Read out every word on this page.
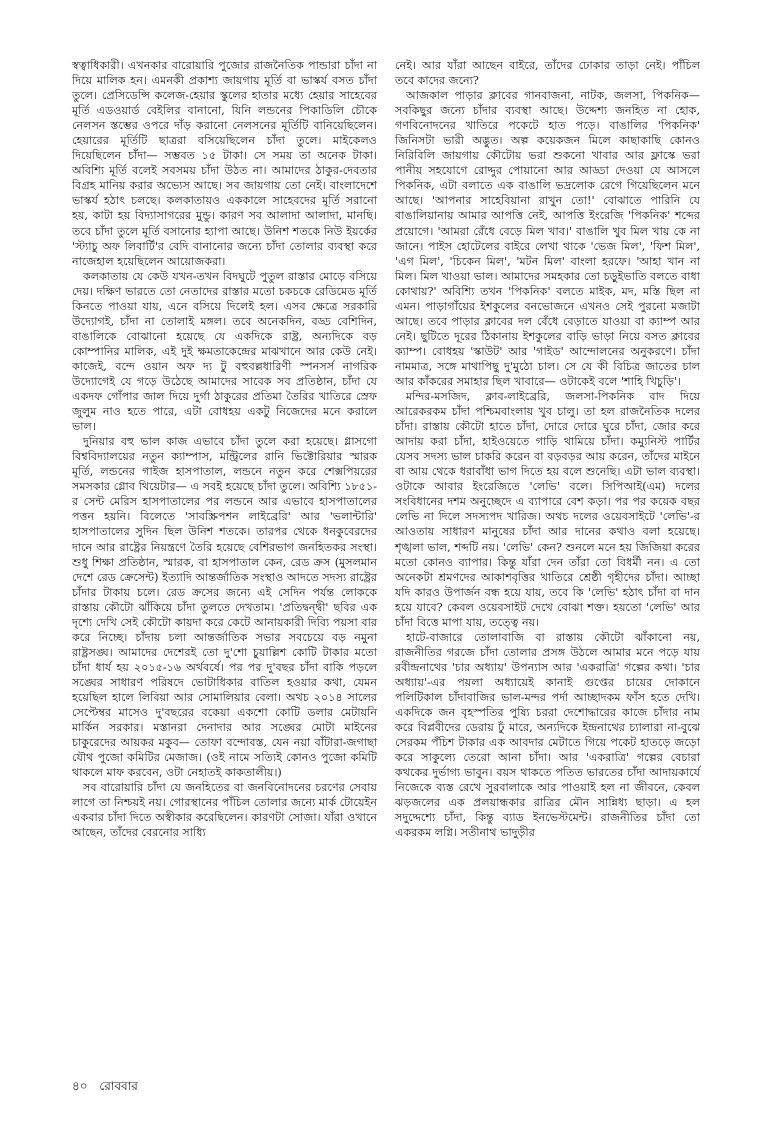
স্বত্বাধিকারী। এখনকার বারোয়ারি পুজোর রাজনৈতিক পান্ডারা চাঁদা না দিয়ে মালিক হন। এমনকী প্রকাশ্য জায়গায় মূর্তি বা ভাস্কর্য বসত চাঁদা তুলে। প্রেসিডেন্সি কলেজ-হেয়ার স্কুলের হাতার মধ্যে হেয়ার সাহেবের মূর্তি এডওয়ার্ড বেইলির বানানো, যিনি লন্ডনের পিকাডিলি চৌকে নেলসন স্তম্ভের ওপরে দাঁড় করানো নেলসনের মূর্তিটি বানিয়েছিলেন। হেয়ারের মূর্তিটি ছাত্ররা বসিয়েছিলেন চাঁদা তুলে। মাইকেলও দিয়েছিলেন চাঁদা— সম্ভবত ১৫ টাকা। সে সময় তা অনেক টাকা। অবিশ্যি মূর্তি বলেই সবসময় চাঁদা উঠত না। আমাদের ঠাকুর-দেবতার বিগ্রহ মানিয় করার অভ্যেস আছে। সব জায়গায় তো নেই। বাংলাদেশে ভাস্কর্য হঠাৎ চলছে। কলকাতায়ও এককালে সাহেবদের মূর্তি সরানো হয়, কাটা হয় বিদ্যাসাগরের মুন্ডু। কারণ সব আলাদা আলাদা, মানছি। তবে চাঁদা তুলে মূর্তি বসানোর হ্যাপা আছে। উনিশ শতকে নিউ ইয়র্কের 'স্ট্যাচু অফ লিবার্টি'র বেদি বানানোর জন্যে চাঁদা তোলার ব্যবস্থা করে নাজেহাল হয়েছিলেন আয়োজকরা।

কলকাতায় যে কেউ যখন-তখন বিদঘুটে পুতুল রাস্তার মোড়ে বসিয়ে দেয়। দক্ষিণ ভারতে তো নেতাদের রাস্তার মতো চকচকে রেডিমেড মূর্তি কিনতে পাওয়া যায়, এনে বসিয়ে দিলেই হল। এসব ক্ষেত্রে সরকারি উদ্যোগই, চাঁদা না তোলাই মঙ্গল। তবে অনেকদিন, বড্ড বেশিদিন, বাঙালিকে বোঝানো হয়েছে যে একদিকে রাষ্ট্র, অন্যদিকে বড় কোম্পানির মালিক, এই দুই ক্ষমতাকেন্দ্রের মাঝখানে আর কেউ নেই। কাজেই, বন্দে ওয়ান অফ দ্য টু বহুবল্লধারিণী স্পনসর্স নাগরিক উদ্যোগেই যে গড়ে উঠেছে আমাদের সাবেক সব প্রতিষ্ঠান, চাঁদা যে একদফ গোঁপার জাল দিয়ে দুর্গা ঠাকুরের প্রতিমা তৈরির খাতিরে স্রেফ জুলুম নাও হতে পারে, এটা বোধহয় একটু নিজেদের মনে করালে ভাল।

দুনিয়ার বহু ভাল কাজ এভাবে চাঁদা তুলে করা হয়েছে। গ্লাসগো বিশ্ববিদ্যালয়ের নতুন ক্যাম্পাস, মন্ট্রিলের রানি ভিক্টোরিয়ার স্মারক মূর্তি, লন্ডনের গাইজ হাসপাতাল, লন্ডনে নতুন করে শেক্সপিয়রের সমসকার গ্লোব থিয়েটার— এ সবই হয়েছে চাঁদা তুলে। অবিশ্যি ১৮৫১-র সেন্ট মেরিস হাসপাতালের পর লন্ডনে আর এভাবে হাসপাতালের পত্তন হয়নি। বিলেতে 'সাবস্ক্রিপশন লাইব্রেরি' আর 'ভলান্টারি' হাসপাতালের সুদিন ছিল উনিশ শতকে। তারপর থেকে ধনকুবেরদের দানে আর রাষ্ট্রের নিয়ন্ত্রণে তৈরি হয়েছে বেশিরভাগ জনহিতকর সংস্থা। শুধু শিক্ষা প্রতিষ্ঠান, স্মারক, বা হাসপাতাল কেন, রেড ক্রস (মুসলমান দেশে রেড ক্রেসেন্ট) ইত্যাদি আন্তর্জাতিক সংস্থাও আদতে সদস্য রাষ্ট্রের চাঁদার টাকায় চলে। রেড ক্রসের জন্যে এই সেদিন পর্যন্ত লোককে রাস্তায় কৌটো ঝাঁকিয়ে চাঁদা তুলতে দেখতাম। 'প্রতিদ্বন্দ্বী' ছবির এক দৃশ্যে দেখি সেই কৌটো কায়দা করে কেটে আনায়কারী দিব্যি পয়সা বার করে নিচ্ছে। চাঁদায় চলা আন্তর্জাতিক সভার সবচেয়ে বড় নমুনা রাষ্ট্রসঙ্ঘ। আমাদের দেশেরই তো দু'শো চুয়াল্লিশ কোটি টাকার মতো চাঁদা ধার্য হয় ২০১৫-১৬ অর্থবর্ষে। পর পর দু'বছর চাঁদা বাকি পড়লে সঙ্ঘের সাধারণ পরিষদে ভোটাধিকার বাতিল হওয়ার কথা, যেমন হয়েছিল হালে লিবিয়া আর সোমালিয়ার বেলা। অথচ ২০১৪ সালের সেপ্টেম্বর মাসেও দু'বছরের বকেয়া একশো কোটি ডলার মেটায়নি মার্কিন সরকার। মস্তানরা দেনাদার আর সঙ্ঘের মোটা মাইনের চাকুরেদের আয়কর মকুব— তোফা বন্দোবস্ত, যেন নয়া বাঁটারা-জগাছা যৌথ পুজো কমিটির মেজাজ। (ওই নামে সত্যিই কোনও পুজো কমিটি থাকলে মাফ করবেন, ওটা নেহাতই কাকতালীয়।)

সব বারোয়ারি চাঁদা যে জনহিতের বা জনবিনোদনের চরণের সেবায় লাগে তা নিশ্চয়ই নয়। গোরস্থানের পাঁচিল তোলার জন্যে মার্ক টোয়েইন একবার চাঁদা দিতে অস্বীকার করেছিলেন। কারণটা সোজা। যাঁরা ওখানে আছেন, তাঁদের বেরনোর সাধ্যি

নেই। আর যাঁরা আছেন বাইরে, তাঁদের ঢোকার তাড়া নেই। পাঁচিল তবে কাদের জন্যে?

আজকাল পাড়ার ক্লাবের গানবাজনা, নাটক, জলসা, পিকনিক— সবকিছুর জন্যে চাঁদার ব্যবস্থা আছে। উদ্দেশ্য জনহিত না হোক, গণবিনোদনের খাতিরে পকেটে হাত পড়ে। বাঙালির 'পিকনিক' জিনিসটা ভারী অদ্ভুত। অল্প কয়েকজন মিলে কাছাকাছি কোনও নিরিবিলি জায়গায় কৌটোয় ভরা শুকনো খাবার আর ফ্লাস্কে ভরা পানীয় সহযোগে রোদ্দুর পোয়ানো আর আড্ডা দেওয়া যে আসলে পিকনিক, এটা বলাতে এক বাঙালি ভদ্রলোক রেগে গিয়েছিলেন মনে আছে। 'আপনার সাহেবিয়ানা রাখুন তো!' বোঝাতে পারিনি যে বাঙালিয়ানায় আমার আপত্তি নেই, আপত্তি ইংরেজি 'পিকনিক' শব্দের প্রয়োগে। 'আমরা রেঁধে বেড়ে মিল খাব।' বাঙালি খুব মিল খায় কে না জানে। পাইস হোটেলের বাইরে লেখা থাকে 'ভেজ মিল', 'ফিশ মিল', 'এগ মিল', 'চিকেন মিল', 'মটন মিল' বাংলা হরফে। 'আহা খান না মিল। মিল খাওয়া ভাল। আমাদের সমহকার তো চড়ুইভাতি বলতে বাধা কোথায়?' অবিশ্যি তখন 'পিকনিক' বলতে মাইক, মদ, মস্তি ছিল না এমন। পাড়াগাঁয়ের ইশকুলের বনভোজনে এখনও সেই পুরনো মজাটা আছে। তবে পাড়ার ক্লাবের দল বেঁধে বেড়াতে যাওয়া বা ক্যাম্প আর নেই। ছুটিতে দূরের ঠিকানায় ইশকুলের বাড়ি ভাড়া নিয়ে বসত ক্লাবের ক্যাম্প। বোধহয় 'স্কাউট' আর 'গাইড' আন্দোলনের অনুকরণে। চাঁদা নামমাত্র, সঙ্গে মাথাপিছু দু'মুঠো চাল। সে যে কী বিচিত্র জাতের চাল আর কাঁকরের সমাহার ছিল খাবারে— ওটাকেই বলে 'শাহি খিচুড়ি'।

মন্দির-মসজিদ, ক্লাব-লাইব্রেরি, জলসা-পিকনিক বাদ দিয়ে আরেকরকম চাঁদা পশ্চিমবাংলায় খুব চালু। তা হল রাজনৈতিক দলের চাঁদা। রাস্তায় কৌটো হাতে চাঁদা, দোরে দোরে ঘুরে চাঁদা, জোর করে আদায় করা চাঁদা, হাইওয়েতে গাড়ি থামিয়ে চাঁদা। কম্যুনিস্ট পার্টির যেসব সদস্য ভাল চাকরি করেন বা বড়বড়র আয় করেন, তাঁদের মাইনে বা আয় থেকে ধরাবাঁধা ভাগ দিতে হয় বলে শুনেছি। এটা ভাল ব্যবস্থা। ওটাকে আবার ইংরেজিতে 'লেভি' বলে। সিপিআই(এম) দলের সংবিধানের দশম অনুচ্ছেদে এ ব্যাপারে বেশ কড়া। পর পর কয়েক বছর লেভি না দিলে সদস্যপদ খারিজ। অথচ দলের ওয়েবসাইটে 'লেভি'-র আওতায় সাধারণ মানুষের চাঁদা আর দানের কথাও বলা হয়েছে। শৃঙ্খলা ভাল, শব্দটি নয়। 'লেভি' কেন? শুনলে মনে হয় জিজিয়া করের মতো কোনও ব্যাপার। কিন্তু যাঁরা দেন তাঁরা তো বিধর্মী নন। এ তো অনেকটা শ্রমণদের আকাশবৃত্তির খাতিরে শ্রেষ্ঠী গৃহীদের চাঁদা। আচ্ছা যদি কারও উপার্জন বন্ধ হয়ে যায়, তবে কি 'লেভি' হঠাৎ চাঁদা বা দান হয়ে যাবে? কেবল ওয়েবসাইট দেখে বোঝা শক্ত। হয়তো 'লেভি' আর চাঁদা বিত্তে মাপা যায়, তত্ত্বে নয়।

হাটে-বাজারে তোলাবাজি বা রাস্তায় কৌটো ঝাঁকানো নয়, রাজনীতির গরজে চাঁদা তোলার প্রসঙ্গ উঠলে আমার মনে পড়ে যায় রবীন্দ্রনাথের 'চার অধ্যায়' উপন্যাস আর 'একরাত্রি' গল্পের কথা। 'চার অধ্যায়'-এর পয়লা অধ্যায়েই কানাই গুপ্তের চায়ের দোকানে পলিটিকাল চাঁদাবাজির ভাল-মন্দর পর্দা আচ্ছাদকম ফাঁস হতে দেখি। একদিকে জন বৃহস্পতির পুষ্যি চররা দেশোদ্ধারের কাজে চাঁদার নাম করে বিপ্লবীদের ডেরায় ঢুঁ মারে, অন্যদিকে ইন্দ্রনাথের চ্যালারা না-বুঝে সেরকম পঁচিশ টাকার এক আবদার মেটাতে গিয়ে পকেট হাতড়ে জড়ো করে সাকুল্যে তেরো আনা চাঁদা। আর 'একরাত্রি' গল্পের বেচারা কথকের দুর্ভাগ্য ভাবুন। বয়স থাকতে পতিত ভারতের চাঁদা আদায়কার্যে নিজেকে ব্যস্ত রেখে সুরবালাকে আর পাওয়াই হল না জীবনে, কেবল ঝড়জলের এক প্রলয়ান্ধকার রাত্রির মৌন সান্নিধ্য ছাড়া। এ হল সদুদ্দেশ্যে চাঁদা, কিন্তু ব্যাড ইনভেস্টমেন্ট। রাজনীতির চাঁদা তো একরকম লগ্নি। সতীনাথ ভাদুড়ীর

৪০ রোববার
